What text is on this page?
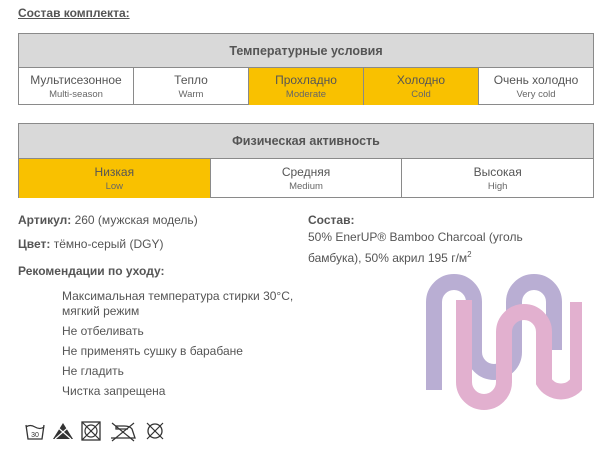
Состав комплекта:
Температурные условия
Мультисезонное
Multi-season
Тепло
Warm
Прохладно
Moderate
Холодно
Cold
Очень холодно
Very cold
Физическая активность
Низкая
Low
Средняя
Medium
Высокая
High
Артикул: 260 (мужская модель)
Цвет: тёмно-серый (DGY)
Рекомендации по уходу:
Максимальная температура стирки 30°C, мягкий режим
Не отбеливать
Не применять сушку в барабане
Не гладить
Чистка запрещена
Состав:
50% EnerUP® Bamboo Charcoal (уголь бамбука), 50% акрил 195 $г/м^2$
30
